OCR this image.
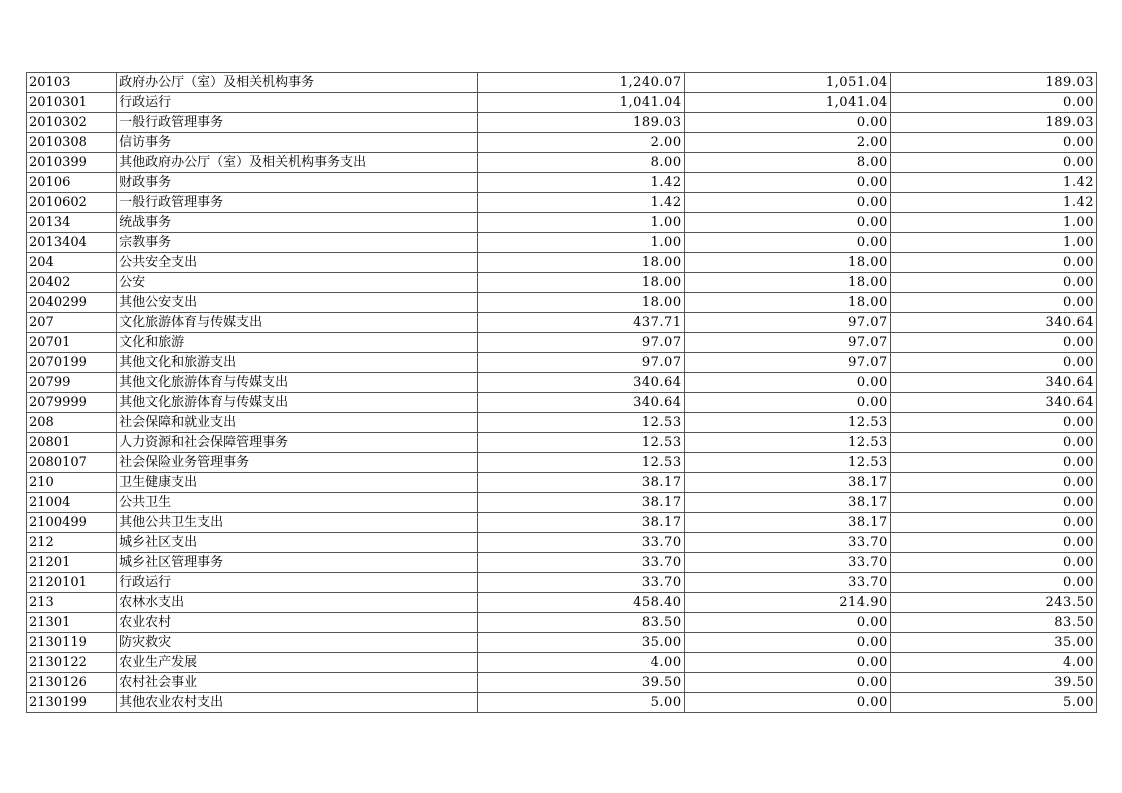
20103	政府办公厅（室）及相关机构事务	1,240.07	1,051.04	189.03
2010301	行政运行	1,041.04	1,041.04	0.00
2010302	一般行政管理事务	189.03	0.00	189.03
2010308	信访事务	2.00	2.00	0.00
2010399	其他政府办公厅（室）及相关机构事务支出	8.00	8.00	0.00
20106	财政事务	1.42	0.00	1.42
2010602	一般行政管理事务	1.42	0.00	1.42
20134	统战事务	1.00	0.00	1.00
2013404	宗教事务	1.00	0.00	1.00
204	公共安全支出	18.00	18.00	0.00
20402	公安	18.00	18.00	0.00
2040299	其他公安支出	18.00	18.00	0.00
207	文化旅游体育与传媒支出	437.71	97.07	340.64
20701	文化和旅游	97.07	97.07	0.00
2070199	其他文化和旅游支出	97.07	97.07	0.00
20799	其他文化旅游体育与传媒支出	340.64	0.00	340.64
2079999	其他文化旅游体育与传媒支出	340.64	0.00	340.64
208	社会保障和就业支出	12.53	12.53	0.00
20801	人力资源和社会保障管理事务	12.53	12.53	0.00
2080107	社会保险业务管理事务	12.53	12.53	0.00
210	卫生健康支出	38.17	38.17	0.00
21004	公共卫生	38.17	38.17	0.00
2100499	其他公共卫生支出	38.17	38.17	0.00
212	城乡社区支出	33.70	33.70	0.00
21201	城乡社区管理事务	33.70	33.70	0.00
2120101	行政运行	33.70	33.70	0.00
213	农林水支出	458.40	214.90	243.50
21301	农业农村	83.50	0.00	83.50
2130119	防灾救灾	35.00	0.00	35.00
2130122	农业生产发展	4.00	0.00	4.00
2130126	农村社会事业	39.50	0.00	39.50
2130199	其他农业农村支出	5.00	0.00	5.00
